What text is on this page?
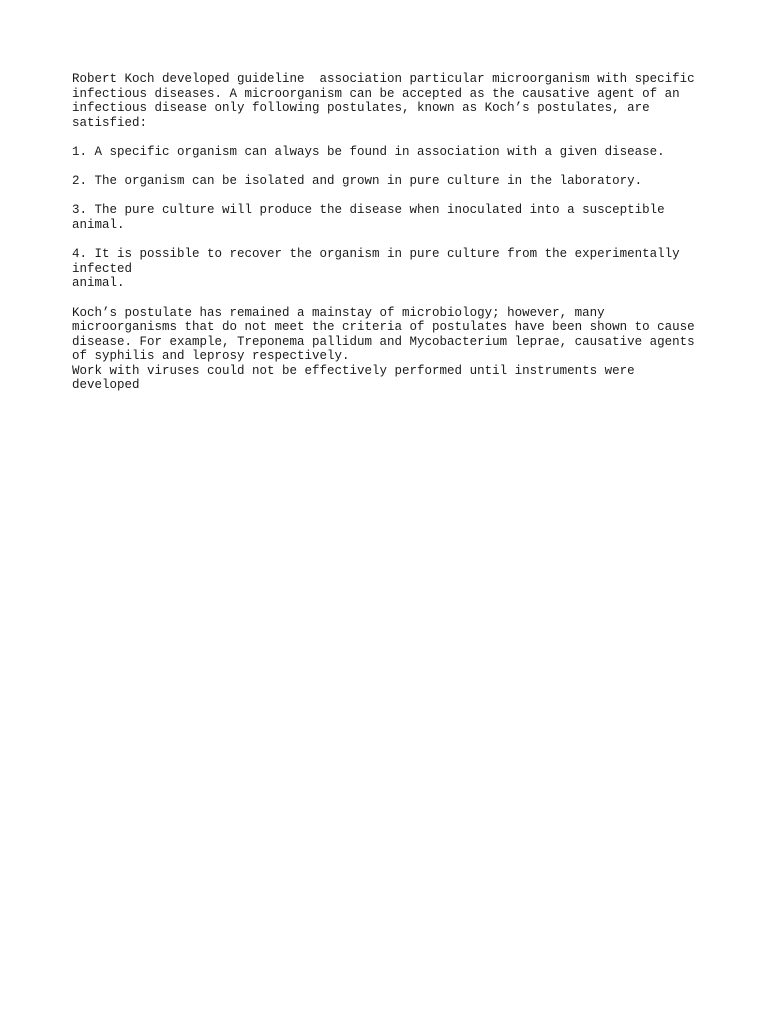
Robert Koch developed guideline  association particular microorganism with specific
infectious diseases. A microorganism can be accepted as the causative agent of an
infectious disease only following postulates, known as Koch’s postulates, are
satisfied:

1. A specific organism can always be found in association with a given disease.

2. The organism can be isolated and grown in pure culture in the laboratory.

3. The pure culture will produce the disease when inoculated into a susceptible
animal.

4. It is possible to recover the organism in pure culture from the experimentally
infected
animal.

Koch’s postulate has remained a mainstay of microbiology; however, many
microorganisms that do not meet the criteria of postulates have been shown to cause
disease. For example, Treponema pallidum and Mycobacterium leprae, causative agents
of syphilis and leprosy respectively.

Work with viruses could not be effectively performed until instruments were
developed
